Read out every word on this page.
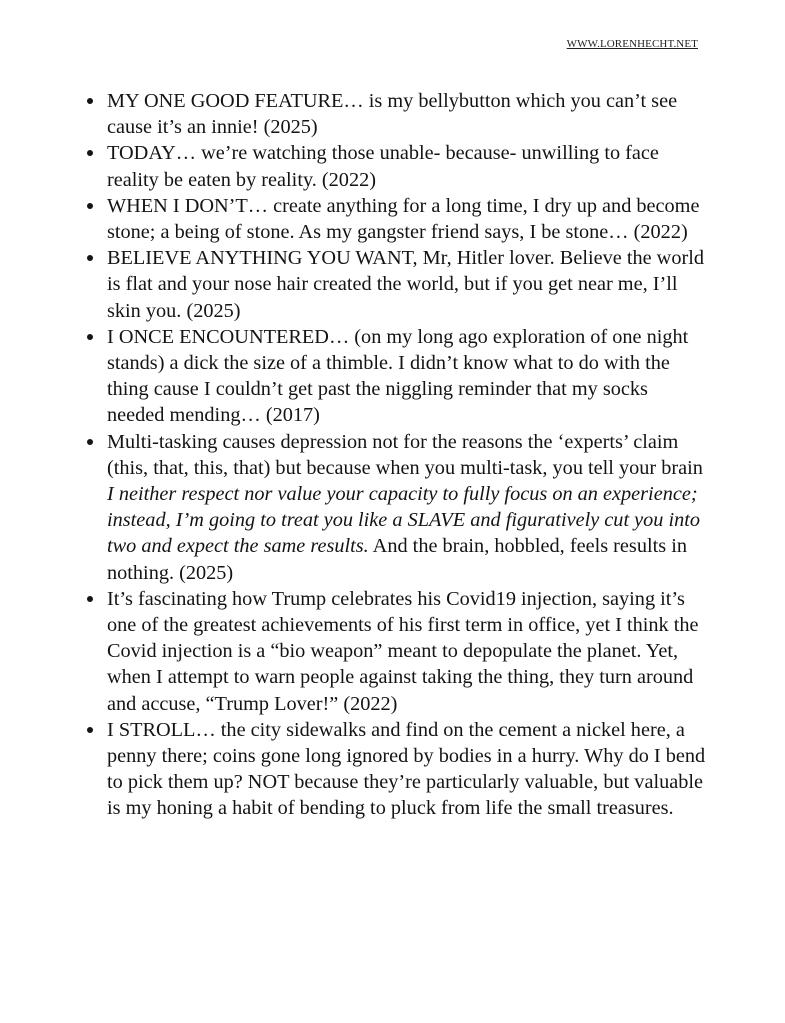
WWW.LORENHECHT.NET
MY ONE GOOD FEATURE… is my bellybutton which you can’t see cause it’s an innie! (2025)
TODAY… we’re watching those unable- because- unwilling to face reality be eaten by reality. (2022)
WHEN I DON’T… create anything for a long time, I dry up and become stone; a being of stone. As my gangster friend says, I be stone… (2022)
BELIEVE ANYTHING YOU WANT, Mr, Hitler lover. Believe the world is flat and your nose hair created the world, but if you get near me, I’ll skin you. (2025)
I ONCE ENCOUNTERED… (on my long ago exploration of one night stands) a dick the size of a thimble. I didn’t know what to do with the thing cause I couldn’t get past the niggling reminder that my socks needed mending… (2017)
Multi-tasking causes depression not for the reasons the ‘experts’ claim (this, that, this, that) but because when you multi-task, you tell your brain I neither respect nor value your capacity to fully focus on an experience; instead, I’m going to treat you like a SLAVE and figuratively cut you into two and expect the same results. And the brain, hobbled, feels results in nothing. (2025)
It’s fascinating how Trump celebrates his Covid19 injection, saying it’s one of the greatest achievements of his first term in office, yet I think the Covid injection is a “bio weapon” meant to depopulate the planet. Yet, when I attempt to warn people against taking the thing, they turn around and accuse, “Trump Lover!” (2022)
I STROLL… the city sidewalks and find on the cement a nickel here, a penny there; coins gone long ignored by bodies in a hurry. Why do I bend to pick them up? NOT because they’re particularly valuable, but valuable is my honing a habit of bending to pluck from life the small treasures.
